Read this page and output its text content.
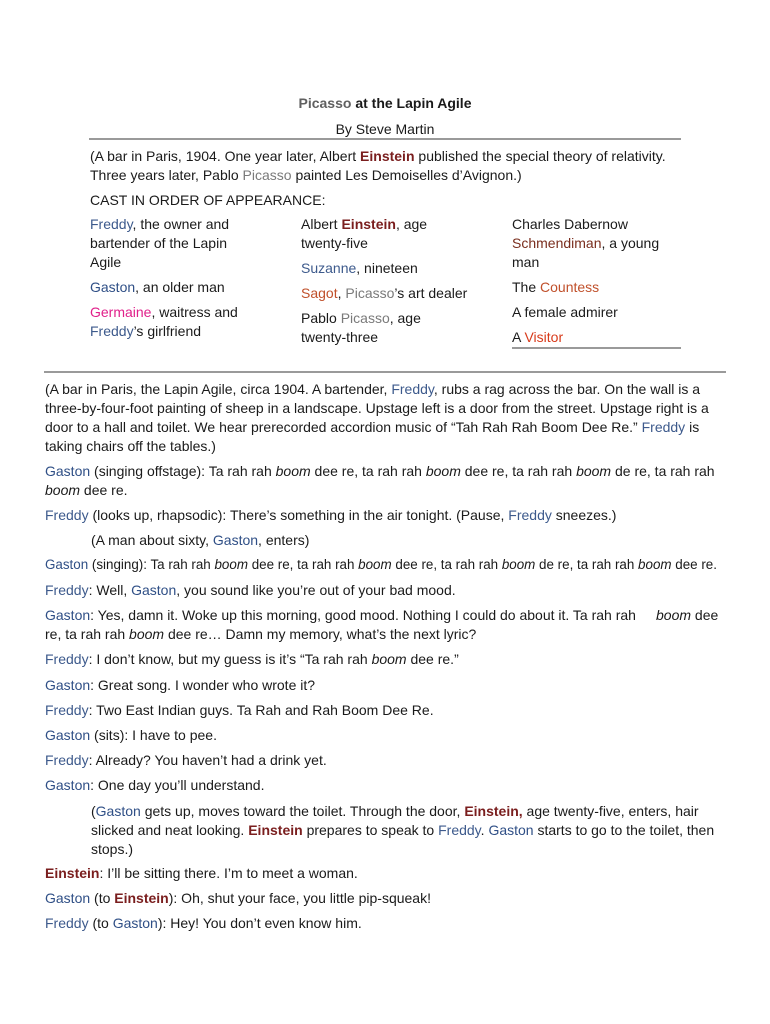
Picasso at the Lapin Agile
By Steve Martin
(A bar in Paris, 1904. One year later, Albert Einstein published the special theory of relativity.
Three years later, Pablo Picasso painted Les Demoiselles d’Avignon.)
CAST IN ORDER OF APPEARANCE:
Freddy, the owner and
bartender of the Lapin
Agile
Gaston, an older man
Germaine, waitress and
Freddy’s girlfriend
Albert Einstein, age
twenty-five
Suzanne, nineteen
Sagot, Picasso’s art dealer
Pablo Picasso, age
twenty-three
Charles Dabernow
Schmendiman, a young
man
The Countess
A female admirer
A Visitor
(A bar in Paris, the Lapin Agile, circa 1904. A bartender, Freddy, rubs a rag across the bar. On the wall is a
three-by-four-foot painting of sheep in a landscape. Upstage left is a door from the street. Upstage right is a
door to a hall and toilet. We hear prerecorded accordion music of “Tah Rah Rah Boom Dee Re.” Freddy is
taking chairs off the tables.)
Gaston (singing offstage): Ta rah rah boom dee re, ta rah rah boom dee re, ta rah rah boom de re, ta rah rah
boom dee re.
Freddy (looks up, rhapsodic): There’s something in the air tonight. (Pause, Freddy sneezes.)
(A man about sixty, Gaston, enters)
Gaston (singing): Ta rah rah boom dee re, ta rah rah boom dee re, ta rah rah boom de re, ta rah rah boom dee re.
Freddy: Well, Gaston, you sound like you’re out of your bad mood.
Gaston: Yes, damn it. Woke up this morning, good mood. Nothing I could do about it. Ta rah rah boom dee
re, ta rah rah boom dee re… Damn my memory, what’s the next lyric?
Freddy: I don’t know, but my guess is it’s “Ta rah rah boom dee re.”
Gaston: Great song. I wonder who wrote it?
Freddy: Two East Indian guys. Ta Rah and Rah Boom Dee Re.
Gaston (sits): I have to pee.
Freddy: Already? You haven’t had a drink yet.
Gaston: One day you’ll understand.
(Gaston gets up, moves toward the toilet. Through the door, Einstein, age twenty-five, enters, hair
slicked and neat looking. Einstein prepares to speak to Freddy. Gaston starts to go to the toilet, then
stops.)
Einstein: I’ll be sitting there. I’m to meet a woman.
Gaston (to Einstein): Oh, shut your face, you little pip-squeak!
Freddy (to Gaston): Hey! You don’t even know him.
